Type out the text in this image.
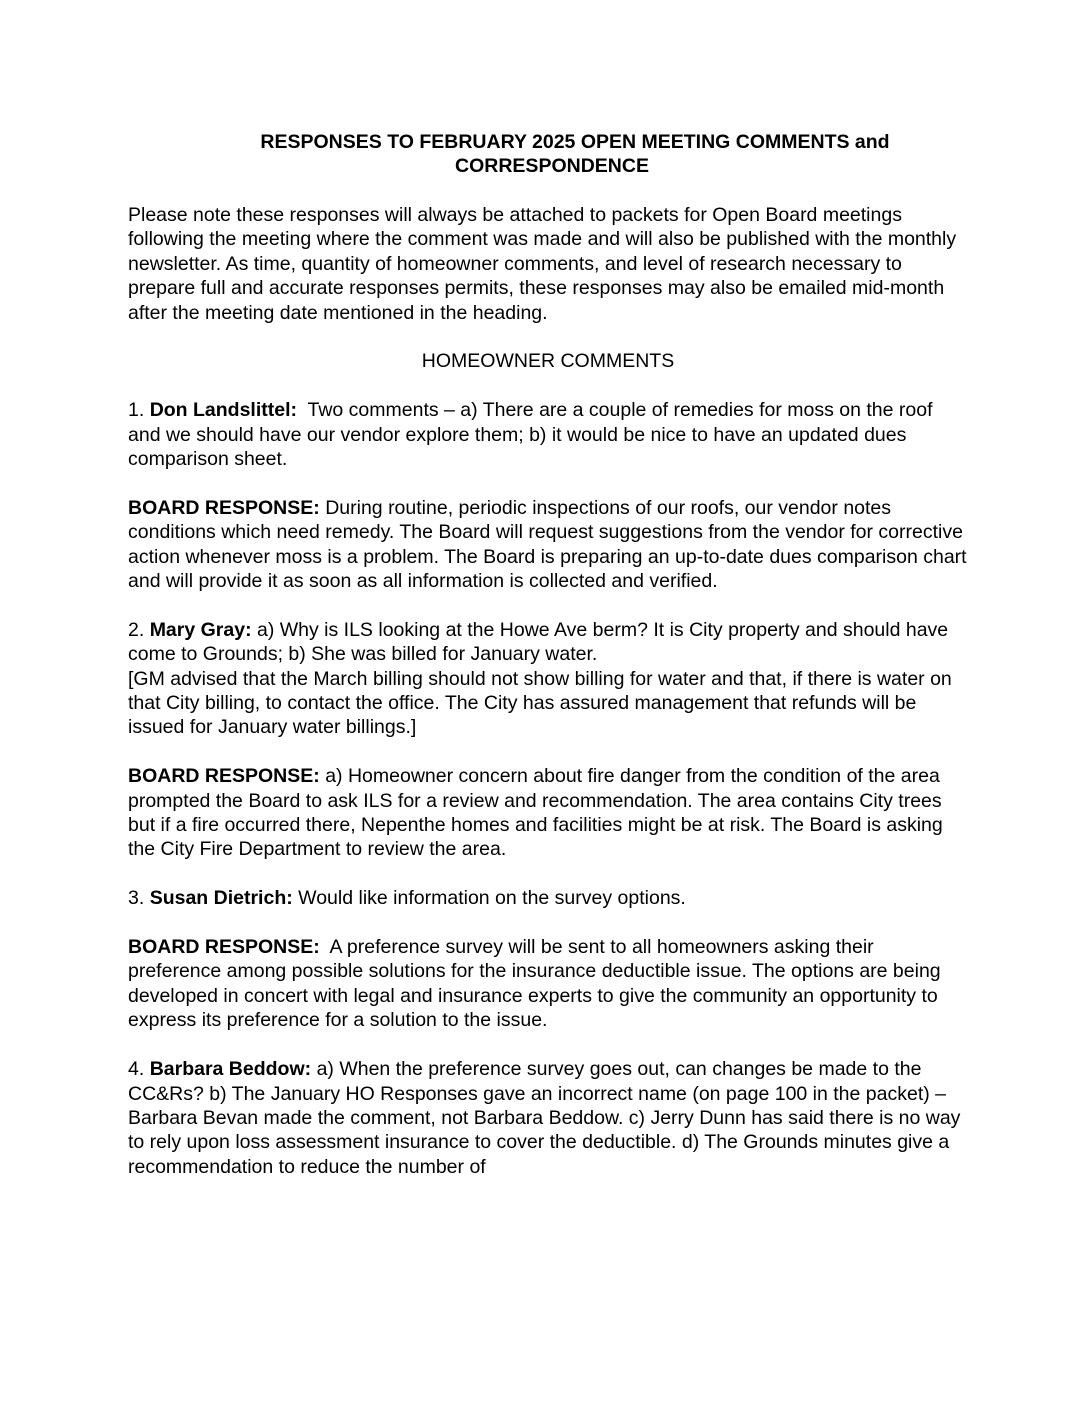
RESPONSES TO FEBRUARY 2025 OPEN MEETING COMMENTS and
CORRESPONDENCE

Please note these responses will always be attached to packets for Open Board meetings following the meeting where the comment was made and will also be published with the monthly newsletter. As time, quantity of homeowner comments, and level of research necessary to prepare full and accurate responses permits, these responses may also be emailed mid-month after the meeting date mentioned in the heading.

HOMEOWNER COMMENTS

1. Don Landslittel: Two comments – a) There are a couple of remedies for moss on the roof and we should have our vendor explore them; b) it would be nice to have an updated dues comparison sheet.

BOARD RESPONSE: During routine, periodic inspections of our roofs, our vendor notes conditions which need remedy. The Board will request suggestions from the vendor for corrective action whenever moss is a problem. The Board is preparing an up-to-date dues comparison chart and will provide it as soon as all information is collected and verified.

2. Mary Gray: a) Why is ILS looking at the Howe Ave berm? It is City property and should have come to Grounds; b) She was billed for January water.
[GM advised that the March billing should not show billing for water and that, if there is water on that City billing, to contact the office. The City has assured management that refunds will be issued for January water billings.]

BOARD RESPONSE: a) Homeowner concern about fire danger from the condition of the area prompted the Board to ask ILS for a review and recommendation. The area contains City trees but if a fire occurred there, Nepenthe homes and facilities might be at risk. The Board is asking the City Fire Department to review the area.

3. Susan Dietrich: Would like information on the survey options.

BOARD RESPONSE: A preference survey will be sent to all homeowners asking their preference among possible solutions for the insurance deductible issue. The options are being developed in concert with legal and insurance experts to give the community an opportunity to express its preference for a solution to the issue.

4. Barbara Beddow: a) When the preference survey goes out, can changes be made to the CC&Rs? b) The January HO Responses gave an incorrect name (on page 100 in the packet) – Barbara Bevan made the comment, not Barbara Beddow. c) Jerry Dunn has said there is no way to rely upon loss assessment insurance to cover the deductible. d) The Grounds minutes give a recommendation to reduce the number of
